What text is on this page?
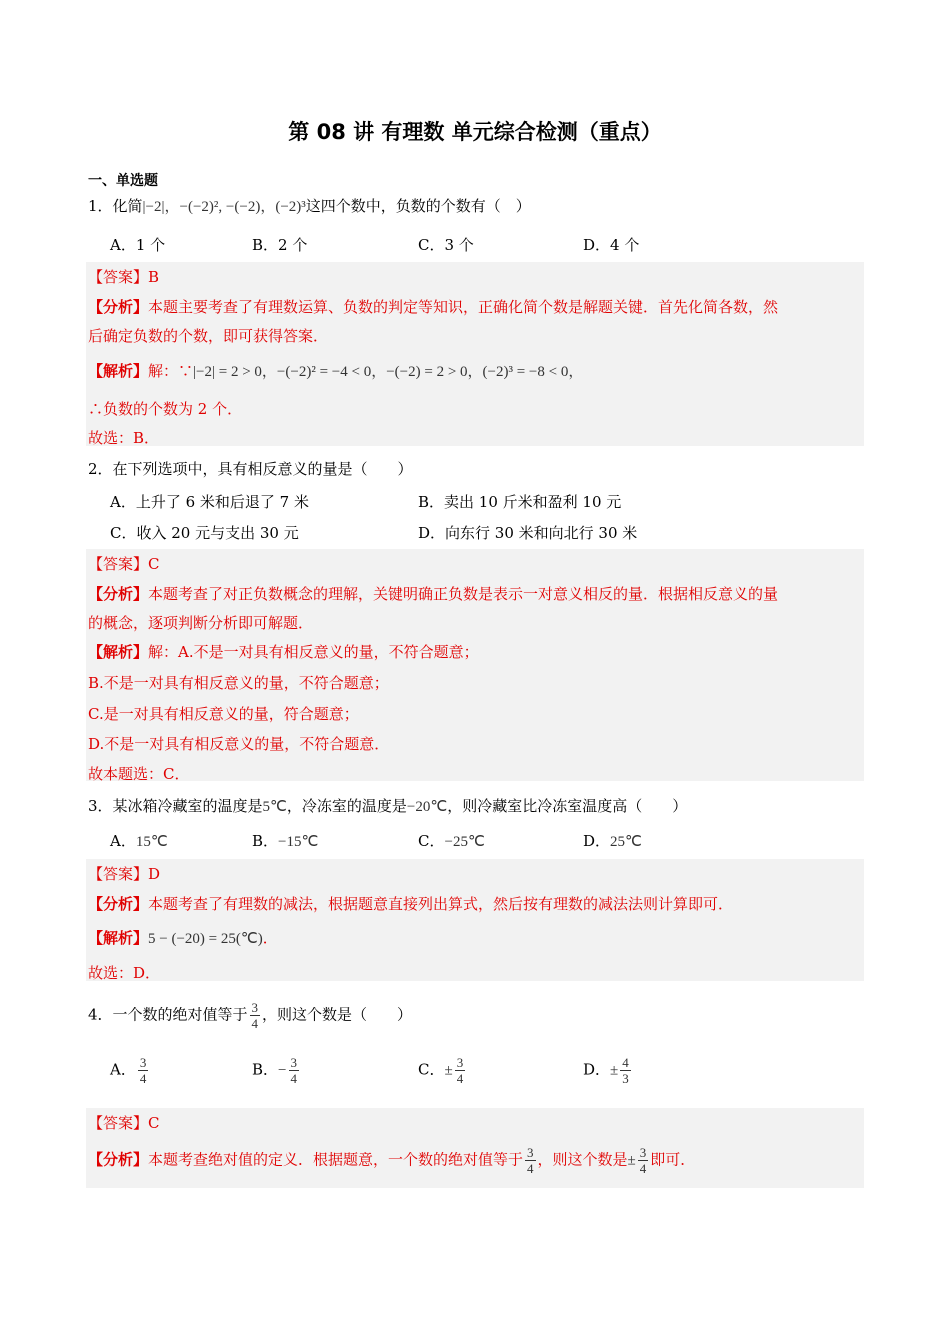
第 08 讲 有理数 单元综合检测（重点）
一、单选题
1．化简|−2|，−(−2)², −(−2)，(−2)³这四个数中，负数的个数有（　）
A．1 个	B．2 个	C．3 个	D．4 个
【答案】B
【分析】本题主要考查了有理数运算、负数的判定等知识，正确化简个数是解题关键．首先化简各数，然
后确定负数的个数，即可获得答案．
【解析】解：∵|−2| = 2 > 0，−(−2)² = −4 < 0，−(−2) = 2 > 0，(−2)³ = −8 < 0，
∴负数的个数为 2 个．
故选：B．
2．在下列选项中，具有相反意义的量是（　　）
A．上升了 6 米和后退了 7 米	B．卖出 10 斤米和盈利 10 元
C．收入 20 元与支出 30 元	D．向东行 30 米和向北行 30 米
【答案】C
【分析】本题考查了对正负数概念的理解，关键明确正负数是表示一对意义相反的量．根据相反意义的量
的概念，逐项判断分析即可解题．
【解析】解：A.不是一对具有相反意义的量，不符合题意；
B.不是一对具有相反意义的量，不符合题意；
C.是一对具有相反意义的量，符合题意；
D.不是一对具有相反意义的量，不符合题意．
故本题选：C．
3．某冰箱冷藏室的温度是5℃，冷冻室的温度是−20℃，则冷藏室比冷冻室温度高（　　）
A．15℃	B．−15℃	C．−25℃	D．25℃
【答案】D
【分析】本题考查了有理数的减法，根据题意直接列出算式，然后按有理数的减法法则计算即可．
【解析】5 − (−20) = 25(℃)．
故选：D．
4．一个数的绝对值等于 $\frac{3}{4}$ ，则这个数是（　　）
A． $\frac{3}{4}$	B．− $\frac{3}{4}$	C．± $\frac{3}{4}$	D．± $\frac{4}{3}$
【答案】C
【分析】本题考查绝对值的定义．根据题意，一个数的绝对值等于 $\frac{3}{4}$ ，则这个数是± $\frac{3}{4}$ 即可．
